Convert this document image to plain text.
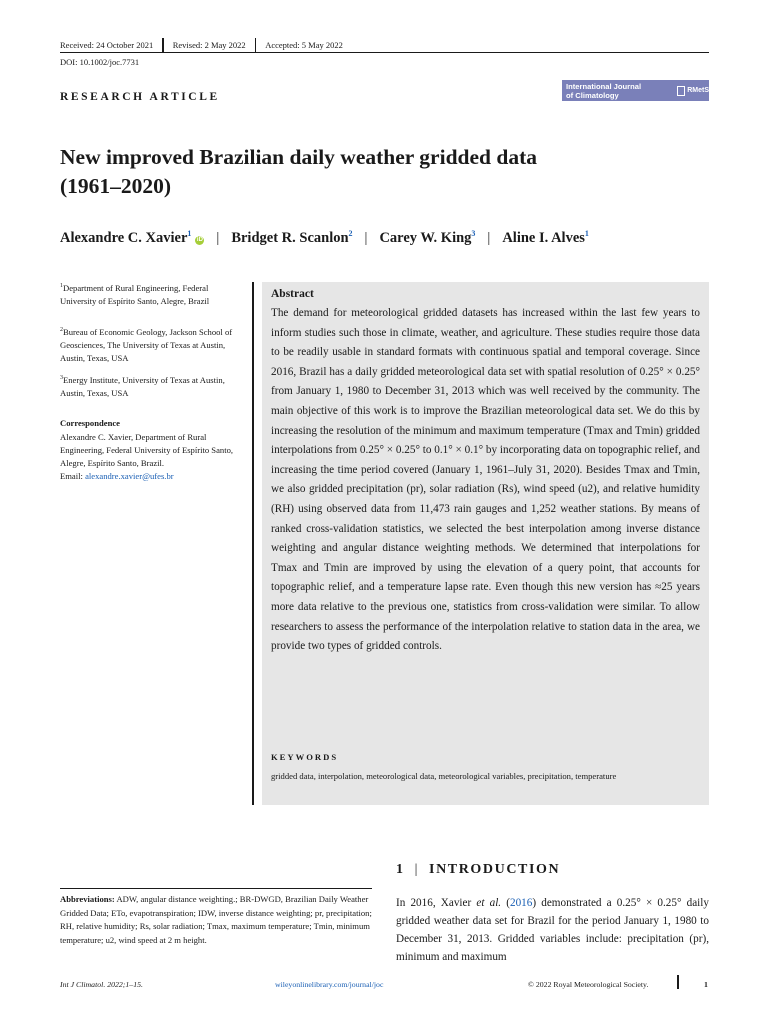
Received: 24 October 2021 Revised: 2 May 2022 Accepted: 5 May 2022
DOI: 10.1002/joc.7731
RESEARCH ARTICLE
International Journal
of Climatology	RMetS
New improved Brazilian daily weather gridded data
(1961–2020)
Alexandre C. Xavier$^1$iD | Bridget R. Scanlon$^2$ | Carey W. King$^3$ | Aline I. Alves$^1$
$^1$Department of Rural Engineering, Federal University of Espírito Santo, Alegre, Brazil
$^2$Bureau of Economic Geology, Jackson School of Geosciences, The University of Texas at Austin, Austin, Texas, USA
$^3$Energy Institute, University of Texas at Austin, Austin, Texas, USA
Correspondence
Alexandre C. Xavier, Department of Rural Engineering, Federal University of Espírito Santo, Alegre, Espírito Santo, Brazil.
Email: alexandre.xavier@ufes.br
Abstract
The demand for meteorological gridded datasets has increased within the last few years to inform studies such those in climate, weather, and agriculture. These studies require those data to be readily usable in standard formats with continuous spatial and temporal coverage. Since 2016, Brazil has a daily gridded meteorological data set with spatial resolution of 0.25° × 0.25° from January 1, 1980 to December 31, 2013 which was well received by the community. The main objective of this work is to improve the Brazilian meteorological data set. We do this by increasing the resolution of the minimum and maximum temperature (Tmax and Tmin) gridded interpolations from 0.25° × 0.25° to 0.1° × 0.1° by incorporating data on topographic relief, and increasing the time period covered (January 1, 1961–July 31, 2020). Besides Tmax and Tmin, we also gridded precipitation (pr), solar radiation (Rs), wind speed (u2), and relative humidity (RH) using observed data from 11,473 rain gauges and 1,252 weather stations. By means of ranked cross-validation statistics, we selected the best interpolation among inverse distance weighting and angular distance weighting methods. We determined that interpolations for Tmax and Tmin are improved by using the elevation of a query point, that accounts for topographic relief, and a temperature lapse rate. Even though this new version has ≈25 years more data relative to the previous one, statistics from cross-validation were similar. To allow researchers to assess the performance of the interpolation relative to station data in the area, we provide two types of gridded controls.
KEYWORDS
gridded data, interpolation, meteorological data, meteorological variables, precipitation, temperature
Abbreviations: ADW, angular distance weighting.; BR-DWGD, Brazilian Daily Weather Gridded Data; ETo, evapotranspiration; IDW, inverse distance weighting; pr, precipitation; RH, relative humidity; Rs, solar radiation; Tmax, maximum temperature; Tmin, minimum temperature; u2, wind speed at 2 m height.
1 | INTRODUCTION
In 2016, Xavier et al. (2016) demonstrated a 0.25° × 0.25° daily gridded weather data set for Brazil for the period January 1, 1980 to December 31, 2013. Gridded variables include: precipitation (pr), minimum and maximum
Int J Climatol. 2022;1–15.	wileyonlinelibrary.com/journal/joc	© 2022 Royal Meteorological Society.	1
